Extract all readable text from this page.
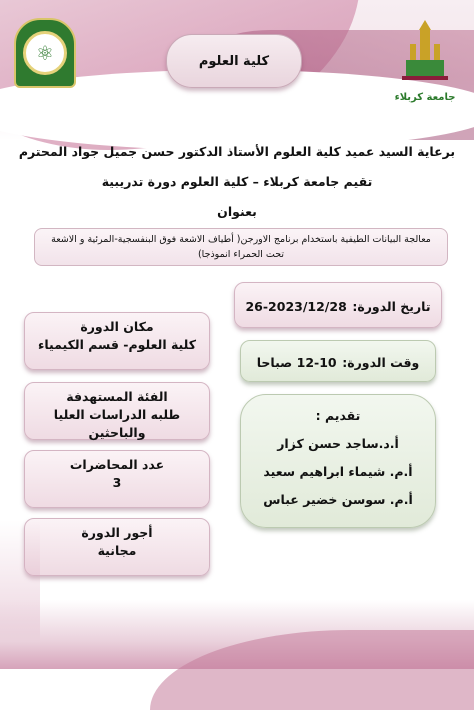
⚛
جامعة كربلاء
كلية العلوم
برعاية السيد عميد كلية العلوم الأستاذ الدكتور حسن جميل جواد المحترم
تقيم جامعة كربلاء – كلية العلوم دورة تدريبية
بعنوان
معالجة البيانات الطيفية باستخدام برنامج الاورجن( أطياف الاشعة فوق البنفسجية-المرئية و الاشعة
تحت الحمراء انموذجا)
تاريخ الدورة: 26-2023/12/28
وقت الدورة: 10-12 صباحا
تقديم :
أ.د.ساجد حسن كزار
أ.م. شيماء ابراهيم سعيد
أ.م. سوسن خضير عباس
مكان الدورة
كلية العلوم- قسم الكيمياء
الفئة المستهدفة
طلبه الدراسات العليا والباحثين
عدد المحاضرات
3
أجور الدورة
مجانية
